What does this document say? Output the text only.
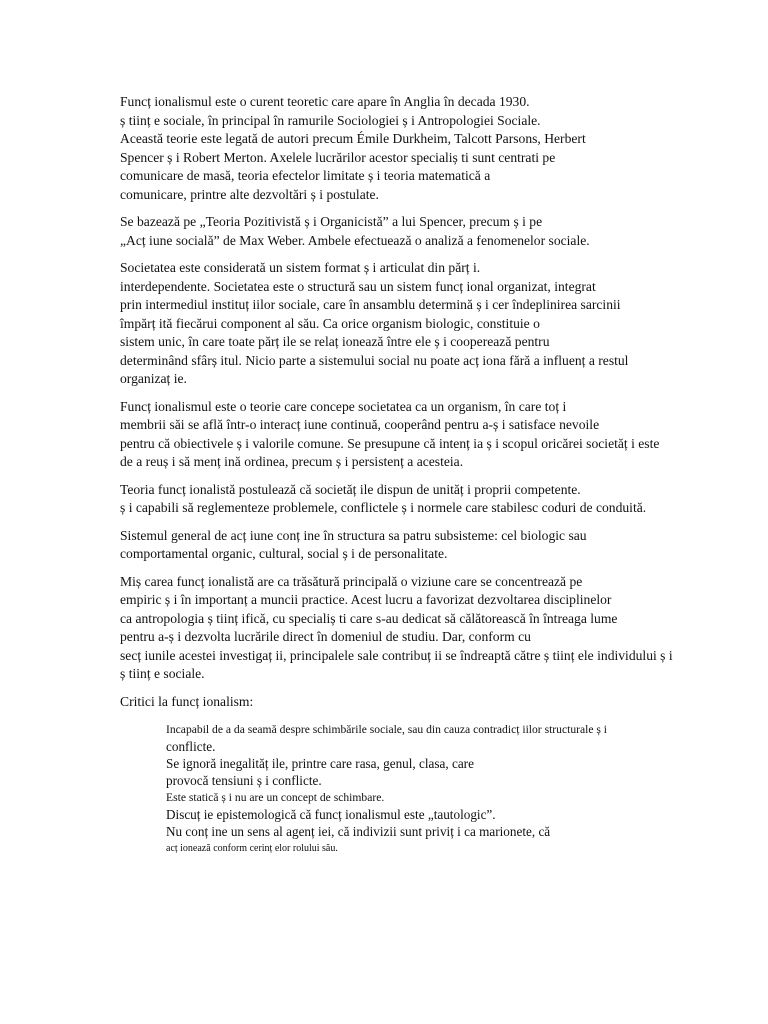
Funcț ionalismul este o curent teoretic care apare în Anglia în decada 1930.
ș tiinț e sociale, în principal în ramurile Sociologiei ș i Antropologiei Sociale.
Această teorie este legată de autori precum Émile Durkheim, Talcott Parsons, Herbert
Spencer ș i Robert Merton. Axelele lucrărilor acestor specialiș ti sunt centrati pe
comunicare de masă, teoria efectelor limitate ș i teoria matematică a
comunicare, printre alte dezvoltări ș i postulate.
Se bazează pe „Teoria Pozitivistă ș i Organicistă” a lui Spencer, precum ș i pe
„Acț iune socială” de Max Weber. Ambele efectuează o analiză a fenomenelor sociale.
Societatea este considerată un sistem format ș i articulat din părț i.
interdependente. Societatea este o structură sau un sistem funcț ional organizat, integrat
prin intermediul instituț iilor sociale, care în ansamblu determină ș i cer îndeplinirea sarcinii
împărț ită fiecărui component al său. Ca orice organism biologic, constituie o
sistem unic, în care toate părț ile se relaț ionează între ele ș i cooperează pentru
determinând sfârș itul. Nicio parte a sistemului social nu poate acț iona fără a influenț a restul
organizaț ie.
Funcț ionalismul este o teorie care concepe societatea ca un organism, în care toț i
membrii săi se află într-o interacț iune continuă, cooperând pentru a-ș i satisface nevoile
pentru că obiectivele ș i valorile comune. Se presupune că intenț ia ș i scopul oricărei societăț i este
de a reuș i să menț ină ordinea, precum ș i persistenț a acesteia.
Teoria funcț ionalistă postulează că societăț ile dispun de unităț i proprii competente.
ș i capabili să reglementeze problemele, conflictele ș i normele care stabilesc coduri de conduită.
Sistemul general de acț iune conț ine în structura sa patru subsisteme: cel biologic sau
comportamental organic, cultural, social ș i de personalitate.
Miș carea funcț ionalistă are ca trăsătură principală o viziune care se concentrează pe
empiric ș i în importanț a muncii practice. Acest lucru a favorizat dezvoltarea disciplinelor
ca antropologia ș tiinț ifică, cu specialiș ti care s-au dedicat să călătorească în întreaga lume
pentru a-ș i dezvolta lucrările direct în domeniul de studiu. Dar, conform cu
secț iunile acestei investigaț ii, principalele sale contribuț ii se îndreaptă către ș tiinț ele individului ș i
ș tiinț e sociale.
Critici la funcț ionalism:
Incapabil de a da seamă despre schimbările sociale, sau din cauza contradicț iilor structurale ș i
conflicte.
Se ignoră inegalităț ile, printre care rasa, genul, clasa, care
provocă tensiuni ș i conflicte.
Este statică ș i nu are un concept de schimbare.
Discuț ie epistemologică că funcț ionalismul este „tautologic”.
Nu conț ine un sens al agenț iei, că indivizii sunt priviț i ca marionete, că
acț ionează conform cerinț elor rolului său.
